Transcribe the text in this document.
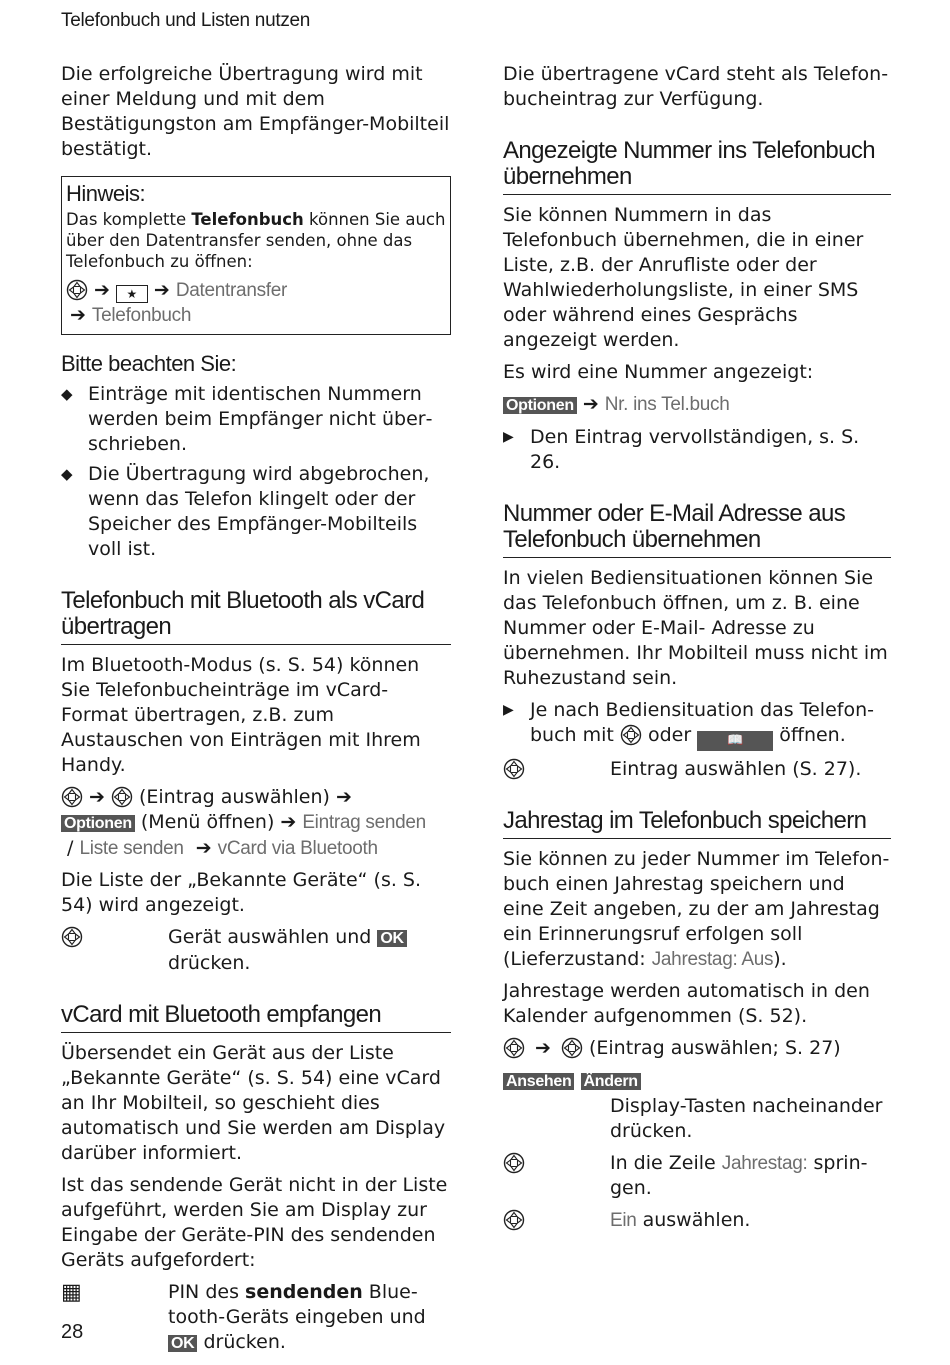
Telefonbuch und Listen nutzen

Die erfolgreiche Übertragung wird mit einer Meldung und mit dem Bestätigungston am Empfänger-Mobilteil bestätigt.

Hinweis:
Das komplette Telefonbuch können Sie auch über den Datentransfer senden, ohne das Telefonbuch zu öffnen:
➔ ★ ➔ Datentransfer
➔ Telefonbuch
Bitte beachten Sie:
◆ Einträge mit identischen Nummern werden beim Empfänger nicht überschrieben.
◆ Die Übertragung wird abgebrochen, wenn das Telefon klingelt oder der Speicher des Empfänger-Mobilteils voll ist.
Telefonbuch mit Bluetooth als vCard übertragen

Im Bluetooth-Modus (s. S. 54) können Sie Telefonbucheinträge im vCard-Format übertragen, z.B. zum Austauschen von Einträgen mit Ihrem Handy.

➔ (Eintrag auswählen) ➔
Optionen (Menü öffnen) ➔ Eintrag senden
/ Liste senden ➔ vCard via Bluetooth

Die Liste der „Bekannte Geräte“ (s. S. 54) wird angezeigt.

Gerät auswählen und OK drücken.
vCard mit Bluetooth empfangen

Übersendet ein Gerät aus der Liste „Bekannte Geräte“ (s. S. 54) eine vCard an Ihr Mobilteil, so geschieht dies automatisch und Sie werden am Display darüber informiert.

Ist das sendende Gerät nicht in der Liste aufgeführt, werden Sie am Display zur Eingabe der Geräte-PIN des sendenden Geräts aufgefordert:

▦	PIN des sendenden Bluetooth-Geräts eingeben und
OK drücken.

Die übertragene vCard steht als Telefonbucheintrag zur Verfügung.

Angezeigte Nummer ins Telefonbuch übernehmen

Sie können Nummern in das Telefonbuch übernehmen, die in einer Liste, z.B. der Anrufliste oder der Wahlwiederholungsliste, in einer SMS oder während eines Gesprächs angezeigt werden.

Es wird eine Nummer angezeigt:

Optionen ➔ Nr. ins Tel.buch

▶ Den Eintrag vervollständigen, s. S. 26.
Nummer oder E-Mail Adresse aus Telefonbuch übernehmen

In vielen Bediensituationen können Sie das Telefonbuch öffnen, um z. B. eine Nummer oder E-Mail- Adresse zu übernehmen. Ihr Mobilteil muss nicht im Ruhezustand sein.

▶ Je nach Bediensituation das Telefonbuch mit  oder 📖 öffnen.
Eintrag auswählen (S. 27).
Jahrestag im Telefonbuch speichern

Sie können zu jeder Nummer im Telefonbuch einen Jahrestag speichern und eine Zeit angeben, zu der am Jahrestag ein Erinnerungsruf erfolgen soll (Lieferzustand: Jahrestag: Aus).

Jahrestage werden automatisch in den Kalender aufgenommen (S. 52).

➔ (Eintrag auswählen; S. 27)

Ansehen Ändern
Display-Tasten nacheinander drücken.
In die Zeile Jahrestag: springen.
Ein auswählen.
28
